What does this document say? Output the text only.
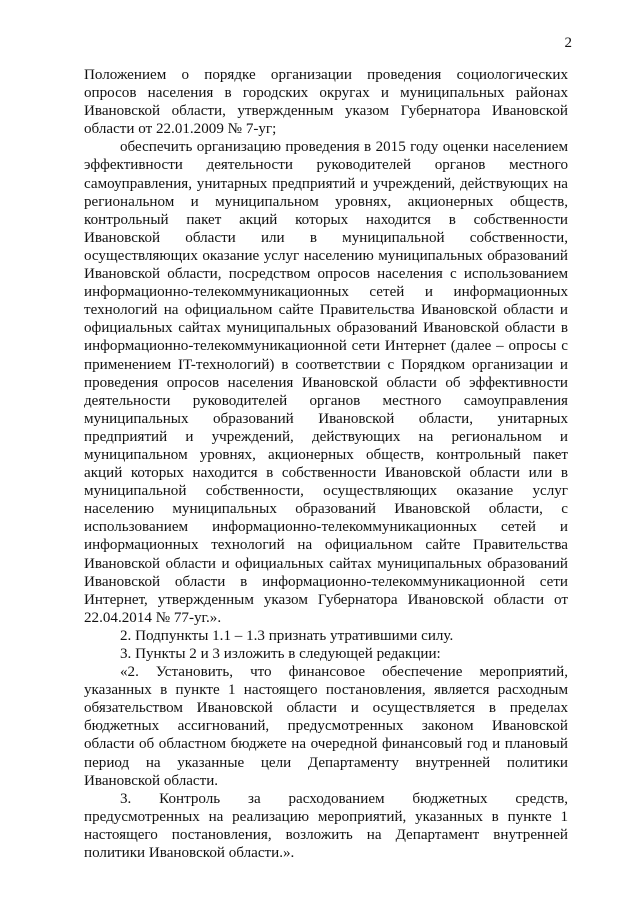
2
Положением о порядке организации проведения социологических
опросов населения в городских округах и муниципальных районах
Ивановской области, утвержденным указом Губернатора Ивановской
области от 22.01.2009 № 7-уг;
обеспечить организацию проведения в 2015 году оценки населением
эффективности деятельности руководителей органов местного
самоуправления, унитарных предприятий и учреждений, действующих на
региональном и муниципальном уровнях, акционерных обществ,
контрольный пакет акций которых находится в собственности
Ивановской области или в муниципальной собственности,
осуществляющих оказание услуг населению муниципальных образований
Ивановской области, посредством опросов населения с использованием
информационно-телекоммуникационных сетей и информационных
технологий на официальном сайте Правительства Ивановской области и
официальных сайтах муниципальных образований Ивановской области в
информационно-телекоммуникационной сети Интернет (далее – опросы с
применением IT-технологий) в соответствии с Порядком организации и
проведения опросов населения Ивановской области об эффективности
деятельности руководителей органов местного самоуправления
муниципальных образований Ивановской области, унитарных
предприятий и учреждений, действующих на региональном и
муниципальном уровнях, акционерных обществ, контрольный пакет
акций которых находится в собственности Ивановской области или в
муниципальной собственности, осуществляющих оказание услуг
населению муниципальных образований Ивановской области, с
использованием информационно-телекоммуникационных сетей и
информационных технологий на официальном сайте Правительства
Ивановской области и официальных сайтах муниципальных образований
Ивановской области в информационно-телекоммуникационной сети
Интернет, утвержденным указом Губернатора Ивановской области от
22.04.2014 № 77-уг.».
2. Подпункты 1.1 – 1.3 признать утратившими силу.
3. Пункты 2 и 3 изложить в следующей редакции:
«2. Установить, что финансовое обеспечение мероприятий,
указанных в пункте 1 настоящего постановления, является расходным
обязательством Ивановской области и осуществляется в пределах
бюджетных ассигнований, предусмотренных законом Ивановской
области об областном бюджете на очередной финансовый год и плановый
период на указанные цели Департаменту внутренней политики
Ивановской области.
3. Контроль за расходованием бюджетных средств,
предусмотренных на реализацию мероприятий, указанных в пункте 1
настоящего постановления, возложить на Департамент внутренней
политики Ивановской области.».
